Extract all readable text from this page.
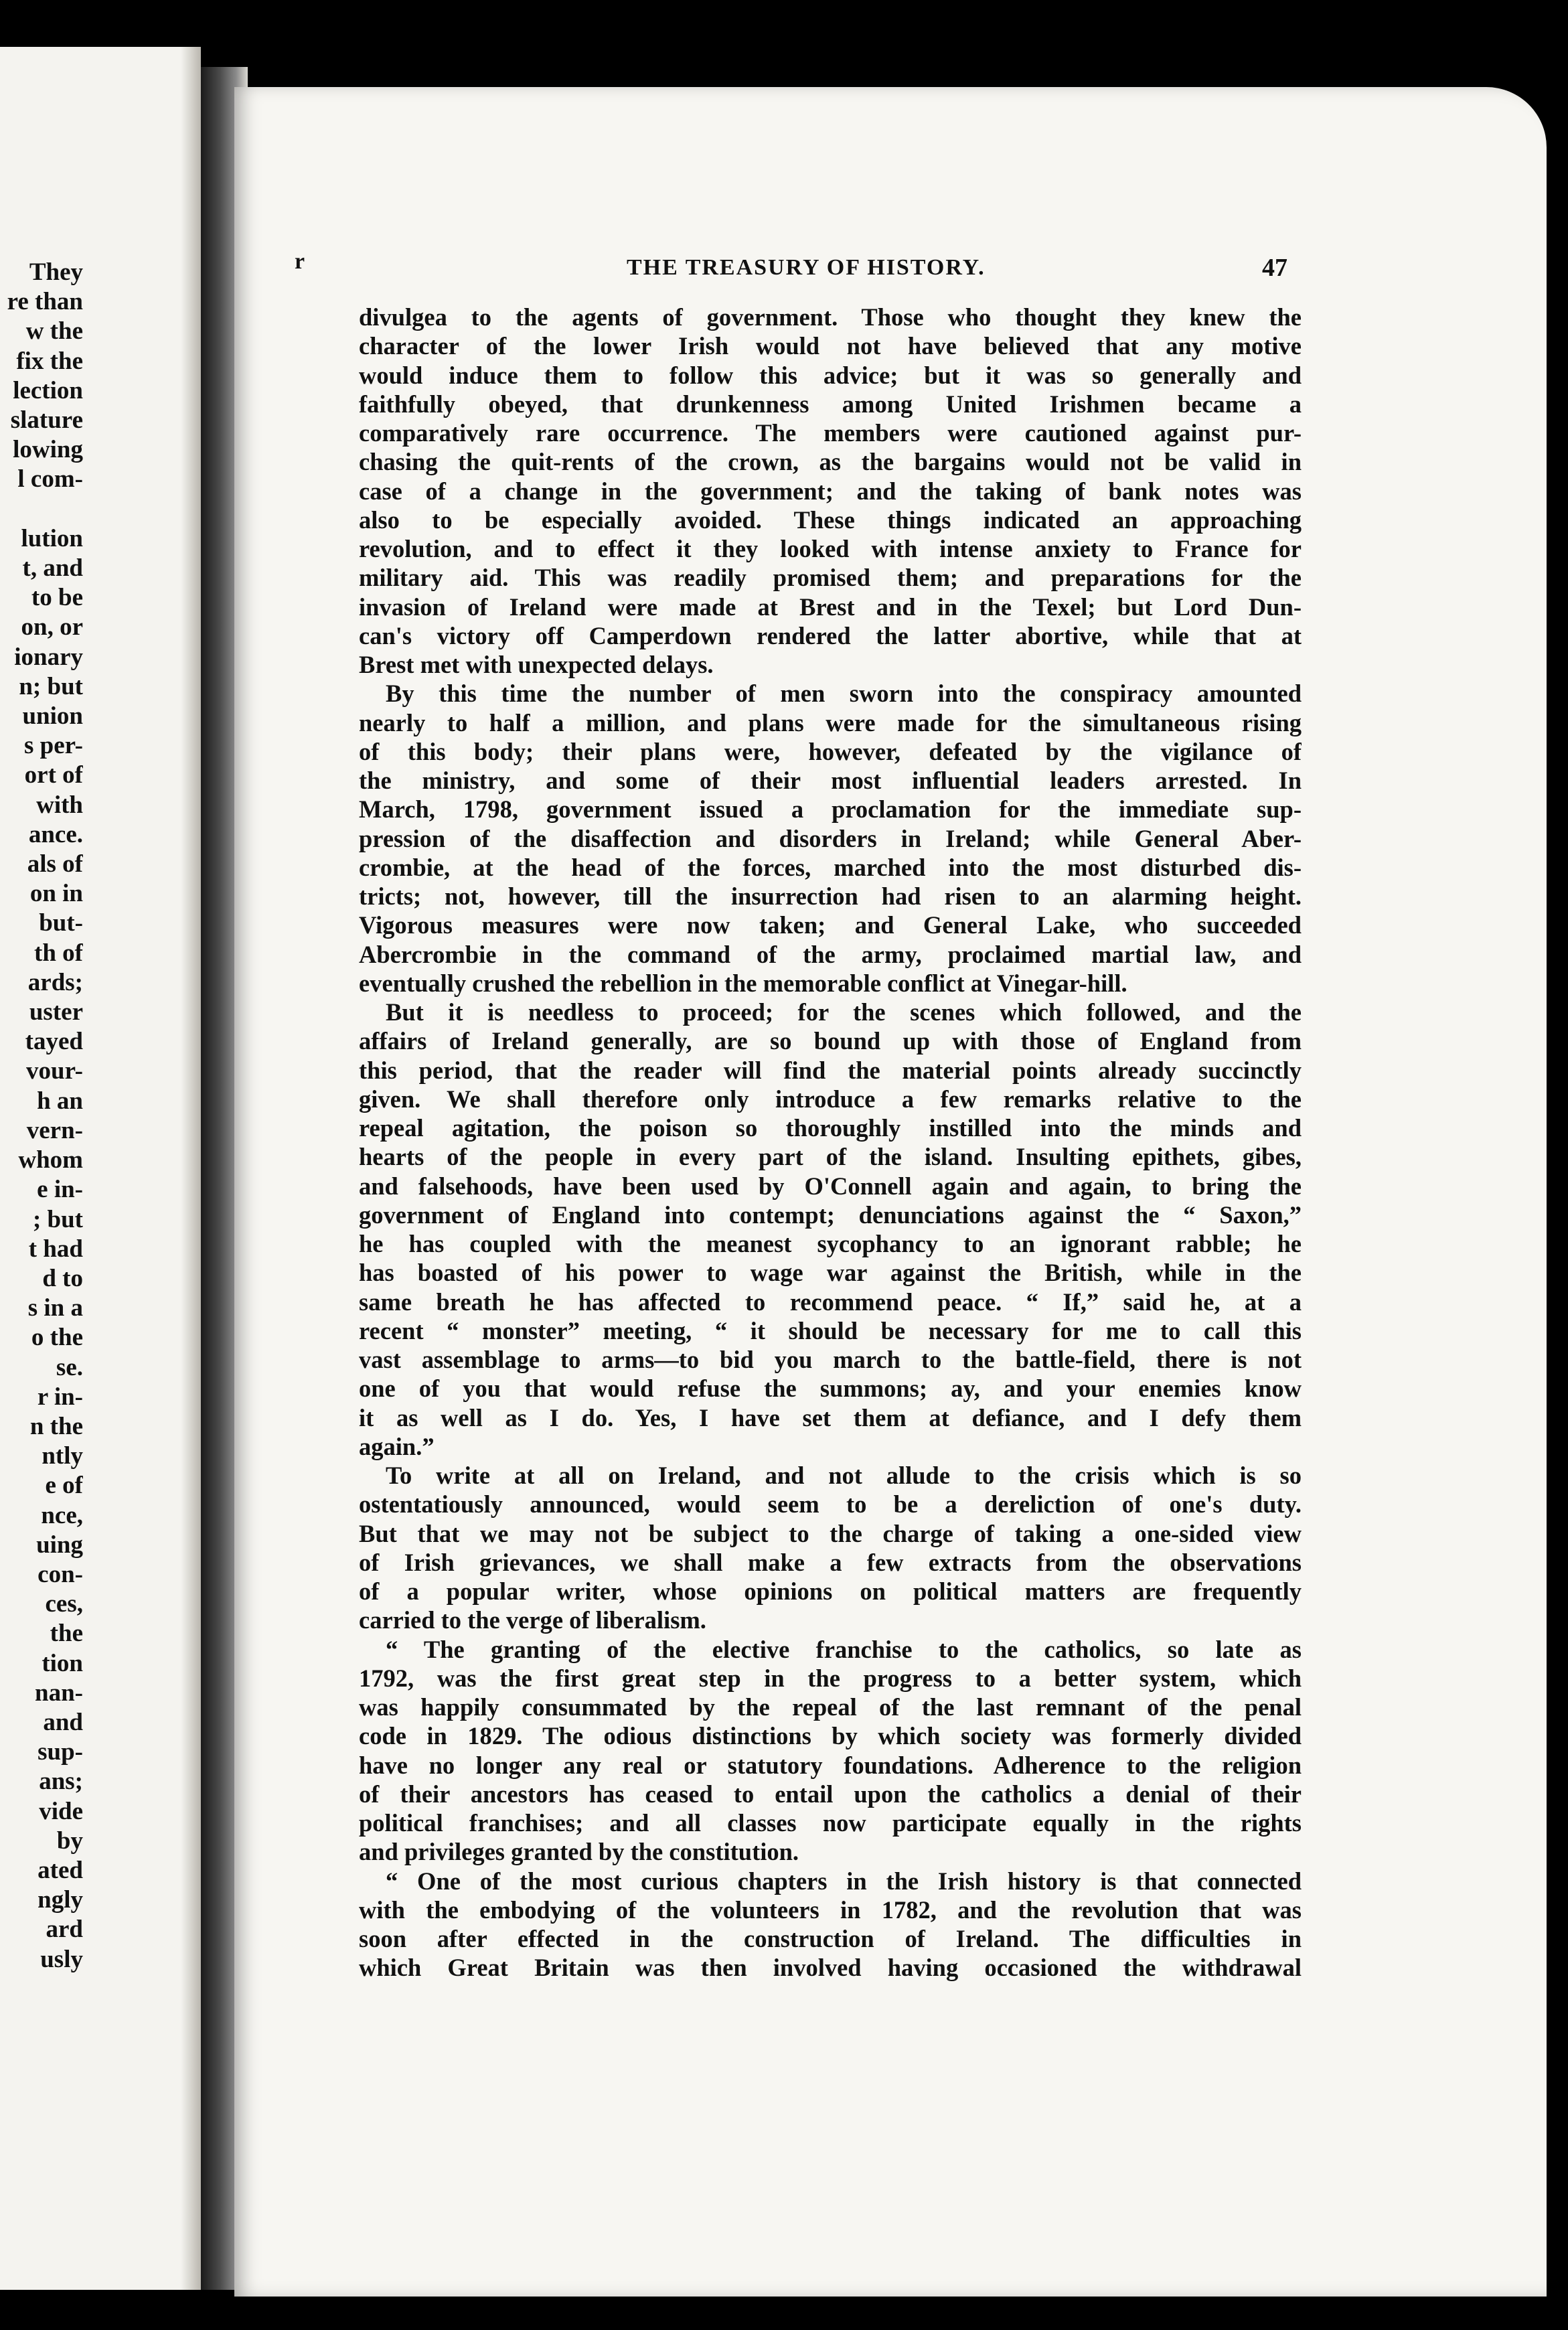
They
re than
w the
fix the
lection
slature
lowing
l com-

lution
t, and
to be
on, or
ionary
n; but
union
s per-
ort of
with
ance.
als of
on in
but-
th of
ards;
uster
tayed
vour-
h an
vern-
whom
e in-
; but
t had
d to
s in a
o the
se.
r in-
n the
ntly
e of
nce,
uing
con-
ces,
the
tion
nan-
and
sup-
ans;
vide
by
ated
ngly
ard
usly
r	THE TREASURY OF HISTORY.	47
divulgea to the agents of government. Those who thought they knew the
character of the lower Irish would not have believed that any motive
would induce them to follow this advice; but it was so generally and
faithfully obeyed, that drunkenness among United Irishmen became a
comparatively rare occurrence. The members were cautioned against pur-
chasing the quit-rents of the crown, as the bargains would not be valid in
case of a change in the government; and the taking of bank notes was
also to be especially avoided. These things indicated an approaching
revolution, and to effect it they looked with intense anxiety to France for
military aid. This was readily promised them; and preparations for the
invasion of Ireland were made at Brest and in the Texel; but Lord Dun-
can's victory off Camperdown rendered the latter abortive, while that at
Brest met with unexpected delays.
By this time the number of men sworn into the conspiracy amounted
nearly to half a million, and plans were made for the simultaneous rising
of this body; their plans were, however, defeated by the vigilance of
the ministry, and some of their most influential leaders arrested. In
March, 1798, government issued a proclamation for the immediate sup-
pression of the disaffection and disorders in Ireland; while General Aber-
crombie, at the head of the forces, marched into the most disturbed dis-
tricts; not, however, till the insurrection had risen to an alarming height.
Vigorous measures were now taken; and General Lake, who succeeded
Abercrombie in the command of the army, proclaimed martial law, and
eventually crushed the rebellion in the memorable conflict at Vinegar-hill.
But it is needless to proceed; for the scenes which followed, and the
affairs of Ireland generally, are so bound up with those of England from
this period, that the reader will find the material points already succinctly
given. We shall therefore only introduce a few remarks relative to the
repeal agitation, the poison so thoroughly instilled into the minds and
hearts of the people in every part of the island. Insulting epithets, gibes,
and falsehoods, have been used by O'Connell again and again, to bring the
government of England into contempt; denunciations against the “ Saxon,”
he has coupled with the meanest sycophancy to an ignorant rabble; he
has boasted of his power to wage war against the British, while in the
same breath he has affected to recommend peace. “ If,” said he, at a
recent “ monster” meeting, “ it should be necessary for me to call this
vast assemblage to arms—to bid you march to the battle-field, there is not
one of you that would refuse the summons; ay, and your enemies know
it as well as I do. Yes, I have set them at defiance, and I defy them
again.”
To write at all on Ireland, and not allude to the crisis which is so
ostentatiously announced, would seem to be a dereliction of one's duty.
But that we may not be subject to the charge of taking a one-sided view
of Irish grievances, we shall make a few extracts from the observations
of a popular writer, whose opinions on political matters are frequently
carried to the verge of liberalism.
“ The granting of the elective franchise to the catholics, so late as
1792, was the first great step in the progress to a better system, which
was happily consummated by the repeal of the last remnant of the penal
code in 1829. The odious distinctions by which society was formerly divided
have no longer any real or statutory foundations. Adherence to the religion
of their ancestors has ceased to entail upon the catholics a denial of their
political franchises; and all classes now participate equally in the rights
and privileges granted by the constitution.
“ One of the most curious chapters in the Irish history is that connected
with the embodying of the volunteers in 1782, and the revolution that was
soon after effected in the construction of Ireland. The difficulties in
which Great Britain was then involved having occasioned the withdrawal
